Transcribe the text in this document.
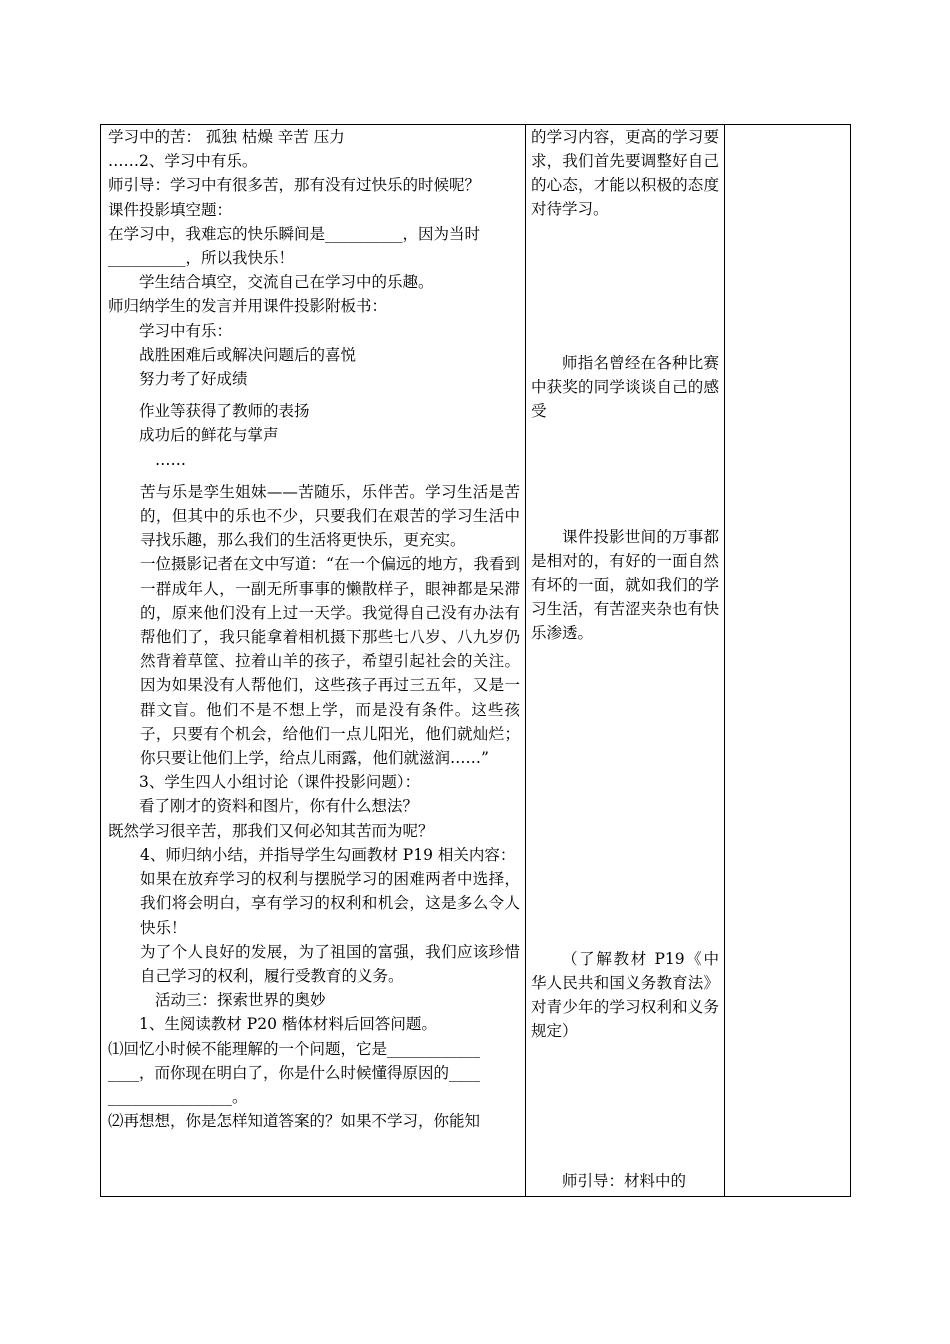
学习中的苦： 孤独 枯燥 辛苦 压力

……2、学习中有乐。

师引导：学习中有很多苦，那有没有过快乐的时候呢？

课件投影填空题：

在学习中，我难忘的快乐瞬间是__________，因为当时

__________，所以我快乐！

学生结合填空，交流自己在学习中的乐趣。

师归纳学生的发言并用课件投影附板书：

学习中有乐：

战胜困难后或解决问题后的喜悦

努力考了好成绩

作业等获得了教师的表扬

成功后的鲜花与掌声

……

苦与乐是孪生姐妹——苦随乐，乐伴苦。学习生活是苦的，但其中的乐也不少，只要我们在艰苦的学习生活中寻找乐趣，那么我们的生活将更快乐，更充实。

一位摄影记者在文中写道：“在一个偏远的地方，我看到一群成年人，一副无所事事的懒散样子，眼神都是呆滞的，原来他们没有上过一天学。我觉得自己没有办法有帮他们了，我只能拿着相机摄下那些七八岁、八九岁仍然背着草筐、拉着山羊的孩子，希望引起社会的关注。因为如果没有人帮他们，这些孩子再过三五年，又是一群文盲。他们不是不想上学，而是没有条件。这些孩子，只要有个机会，给他们一点儿阳光，他们就灿烂；你只要让他们上学，给点儿雨露，他们就滋润……”

3、学生四人小组讨论（课件投影问题）：

看了刚才的资料和图片，你有什么想法？

既然学习很辛苦，那我们又何必知其苦而为呢？

4、师归纳小结，并指导学生勾画教材 P19 相关内容：

如果在放弃学习的权利与摆脱学习的困难两者中选择，我们将会明白，享有学习的权利和机会，这是多么令人快乐！

为了个人良好的发展，为了祖国的富强，我们应该珍惜自己学习的权利，履行受教育的义务。

活动三：探索世界的奥妙

1、生阅读教材 P20 楷体材料后回答问题。

⑴回忆小时候不能理解的一个问题，它是____________

____，而你现在明白了，你是什么时候懂得原因的____

________________。

⑵再想想，你是怎样知道答案的？如果不学习，你能知

的学习内容，更高的学习要求，我们首先要调整好自己的心态，才能以积极的态度对待学习。

师指名曾经在各种比赛中获奖的同学谈谈自己的感受

课件投影世间的万事都是相对的，有好的一面自然有坏的一面，就如我们的学习生活，有苦涩夹杂也有快乐渗透。

（了解教材 P19《中华人民共和国义务教育法》对青少年的学习权利和义务规定）

师引导：材料中的
